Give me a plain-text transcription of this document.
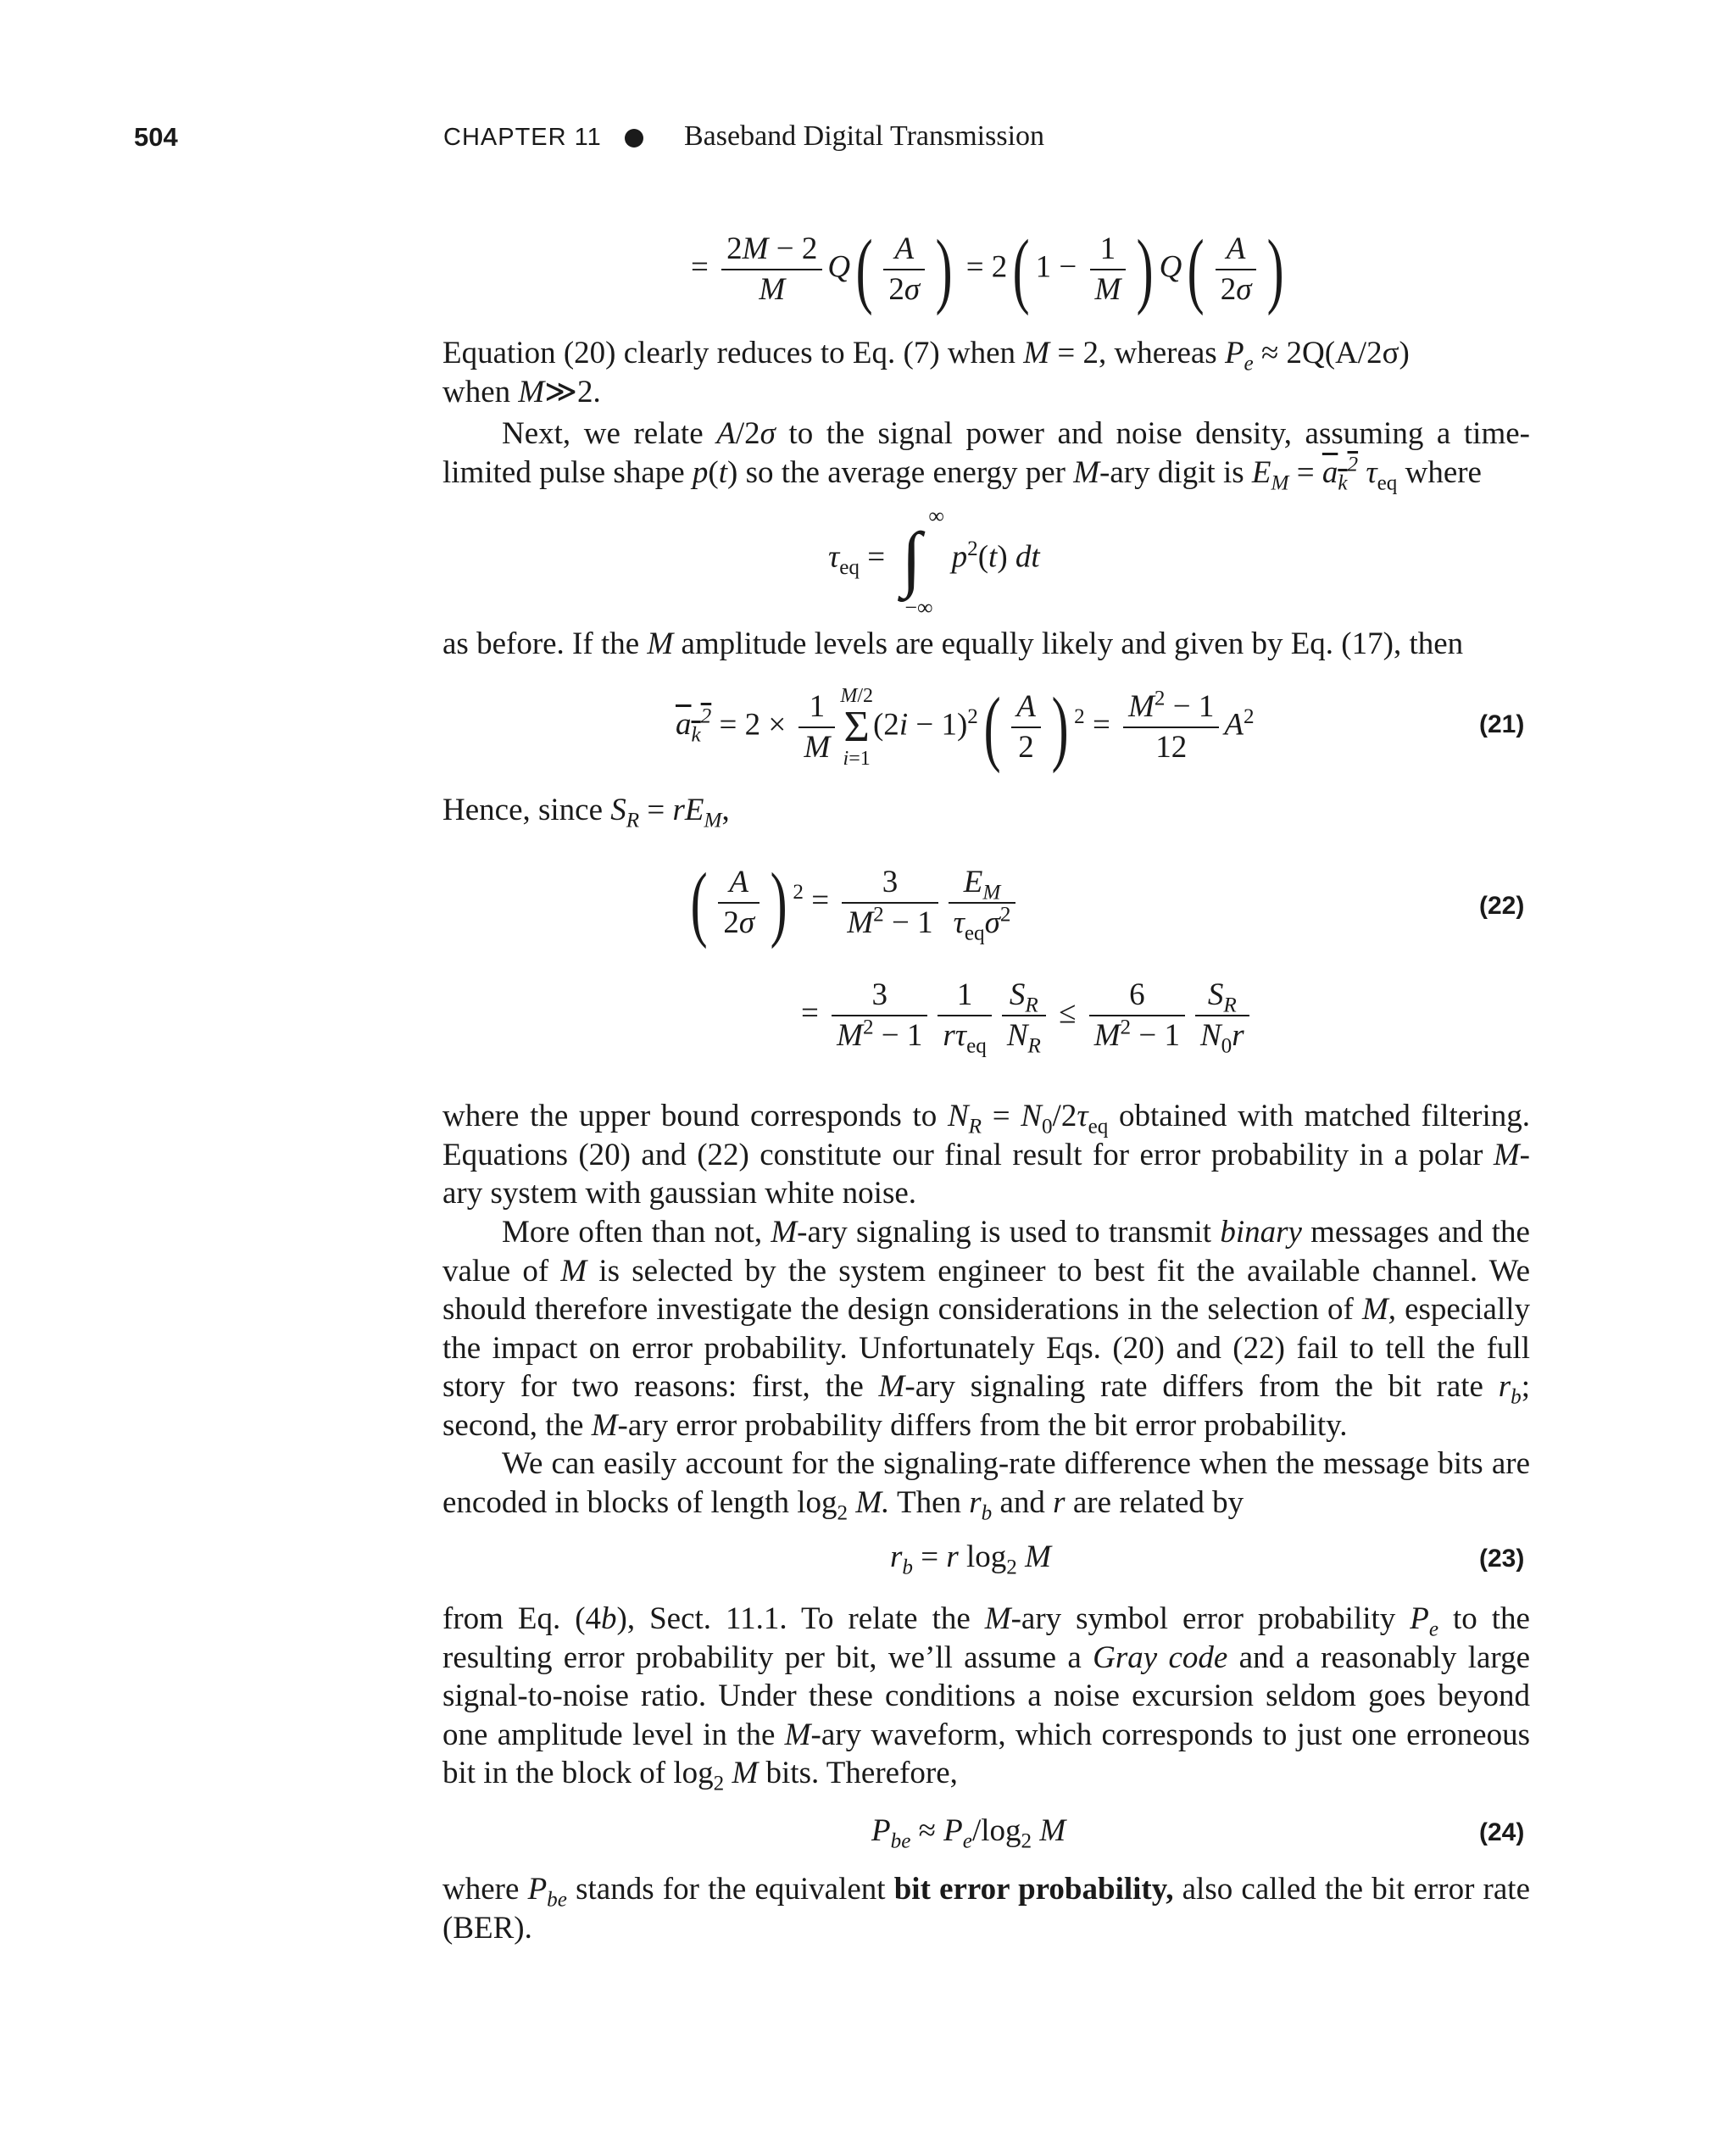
504	CHAPTER 11	Baseband Digital Transmission
= $\frac{2M - 2}{M} Q( \frac{A}{2\sigma}$ ) = 2( $1 - \frac{1}{M}$ ) $Q( \frac{A}{2\sigma}$ )
Equation (20) clearly reduces to Eq. (7) when M = 2, whereas $P_e \approx 2Q(A/2\sigma)$
when M≫2.
Next, we relate A/2σ to the signal power and noise density, assuming a time-limited pulse shape p(t) so the average energy per M-ary digit is $E_M = a_k^2$ $\tau_{eq}$ where
$\tau_{eq}$ =
∞
∫
−∞
$p^2(t)$ dt
as before. If the M amplitude levels are equally likely and given by Eq. (17), then
$a_k^2 = 2 \times \frac{1}{M} M/2$
Σ
i=1
$(2i - 1)^2( \frac{A}{2}$ ) $^2 = \frac{M^2 - 1}{12} A^2$	(21)
Hence, since $S_R = rE_M$,
( $\frac{A}{2\sigma}$ ) $^2 = \frac{3}{M^2 - 1} \frac{E_M}{\tau_{eq}\sigma^2}$	(22)
= $\frac{3}{M^2 - 1} \frac{1}{r\tau_{eq}} \frac{S_R}{N_R} \le \frac{6}{M^2 - 1} \frac{S_R}{N_0r}$
where the upper bound corresponds to $N_R = N_0/2\tau_{eq}$ obtained with matched filtering. Equations (20) and (22) constitute our final result for error probability in a polar M-ary system with gaussian white noise.
More often than not, M-ary signaling is used to transmit binary messages and the value of M is selected by the system engineer to best fit the available channel. We should therefore investigate the design considerations in the selection of M, especially the impact on error probability. Unfortunately Eqs. (20) and (22) fail to tell the full story for two reasons: first, the M-ary signaling rate differs from the bit rate $r_b$; second, the M-ary error probability differs from the bit error probability.
We can easily account for the signaling-rate difference when the message bits are encoded in blocks of length $\log_2 M$. Then $r_b$ and r are related by
$r_b = r$ $\log_2 M$	(23)
from Eq. (4b), Sect. 11.1. To relate the M-ary symbol error probability $P_e$ to the resulting error probability per bit, we’ll assume a Gray code and a reasonably large signal-to-noise ratio. Under these conditions a noise excursion seldom goes beyond one amplitude level in the M-ary waveform, which corresponds to just one erroneous bit in the block of $\log_2 M$ bits. Therefore,
$P_{be} \approx P_e/\log_2$ M	(24)
where $P_{be}$ stands for the equivalent bit error probability, also called the bit error rate (BER).
